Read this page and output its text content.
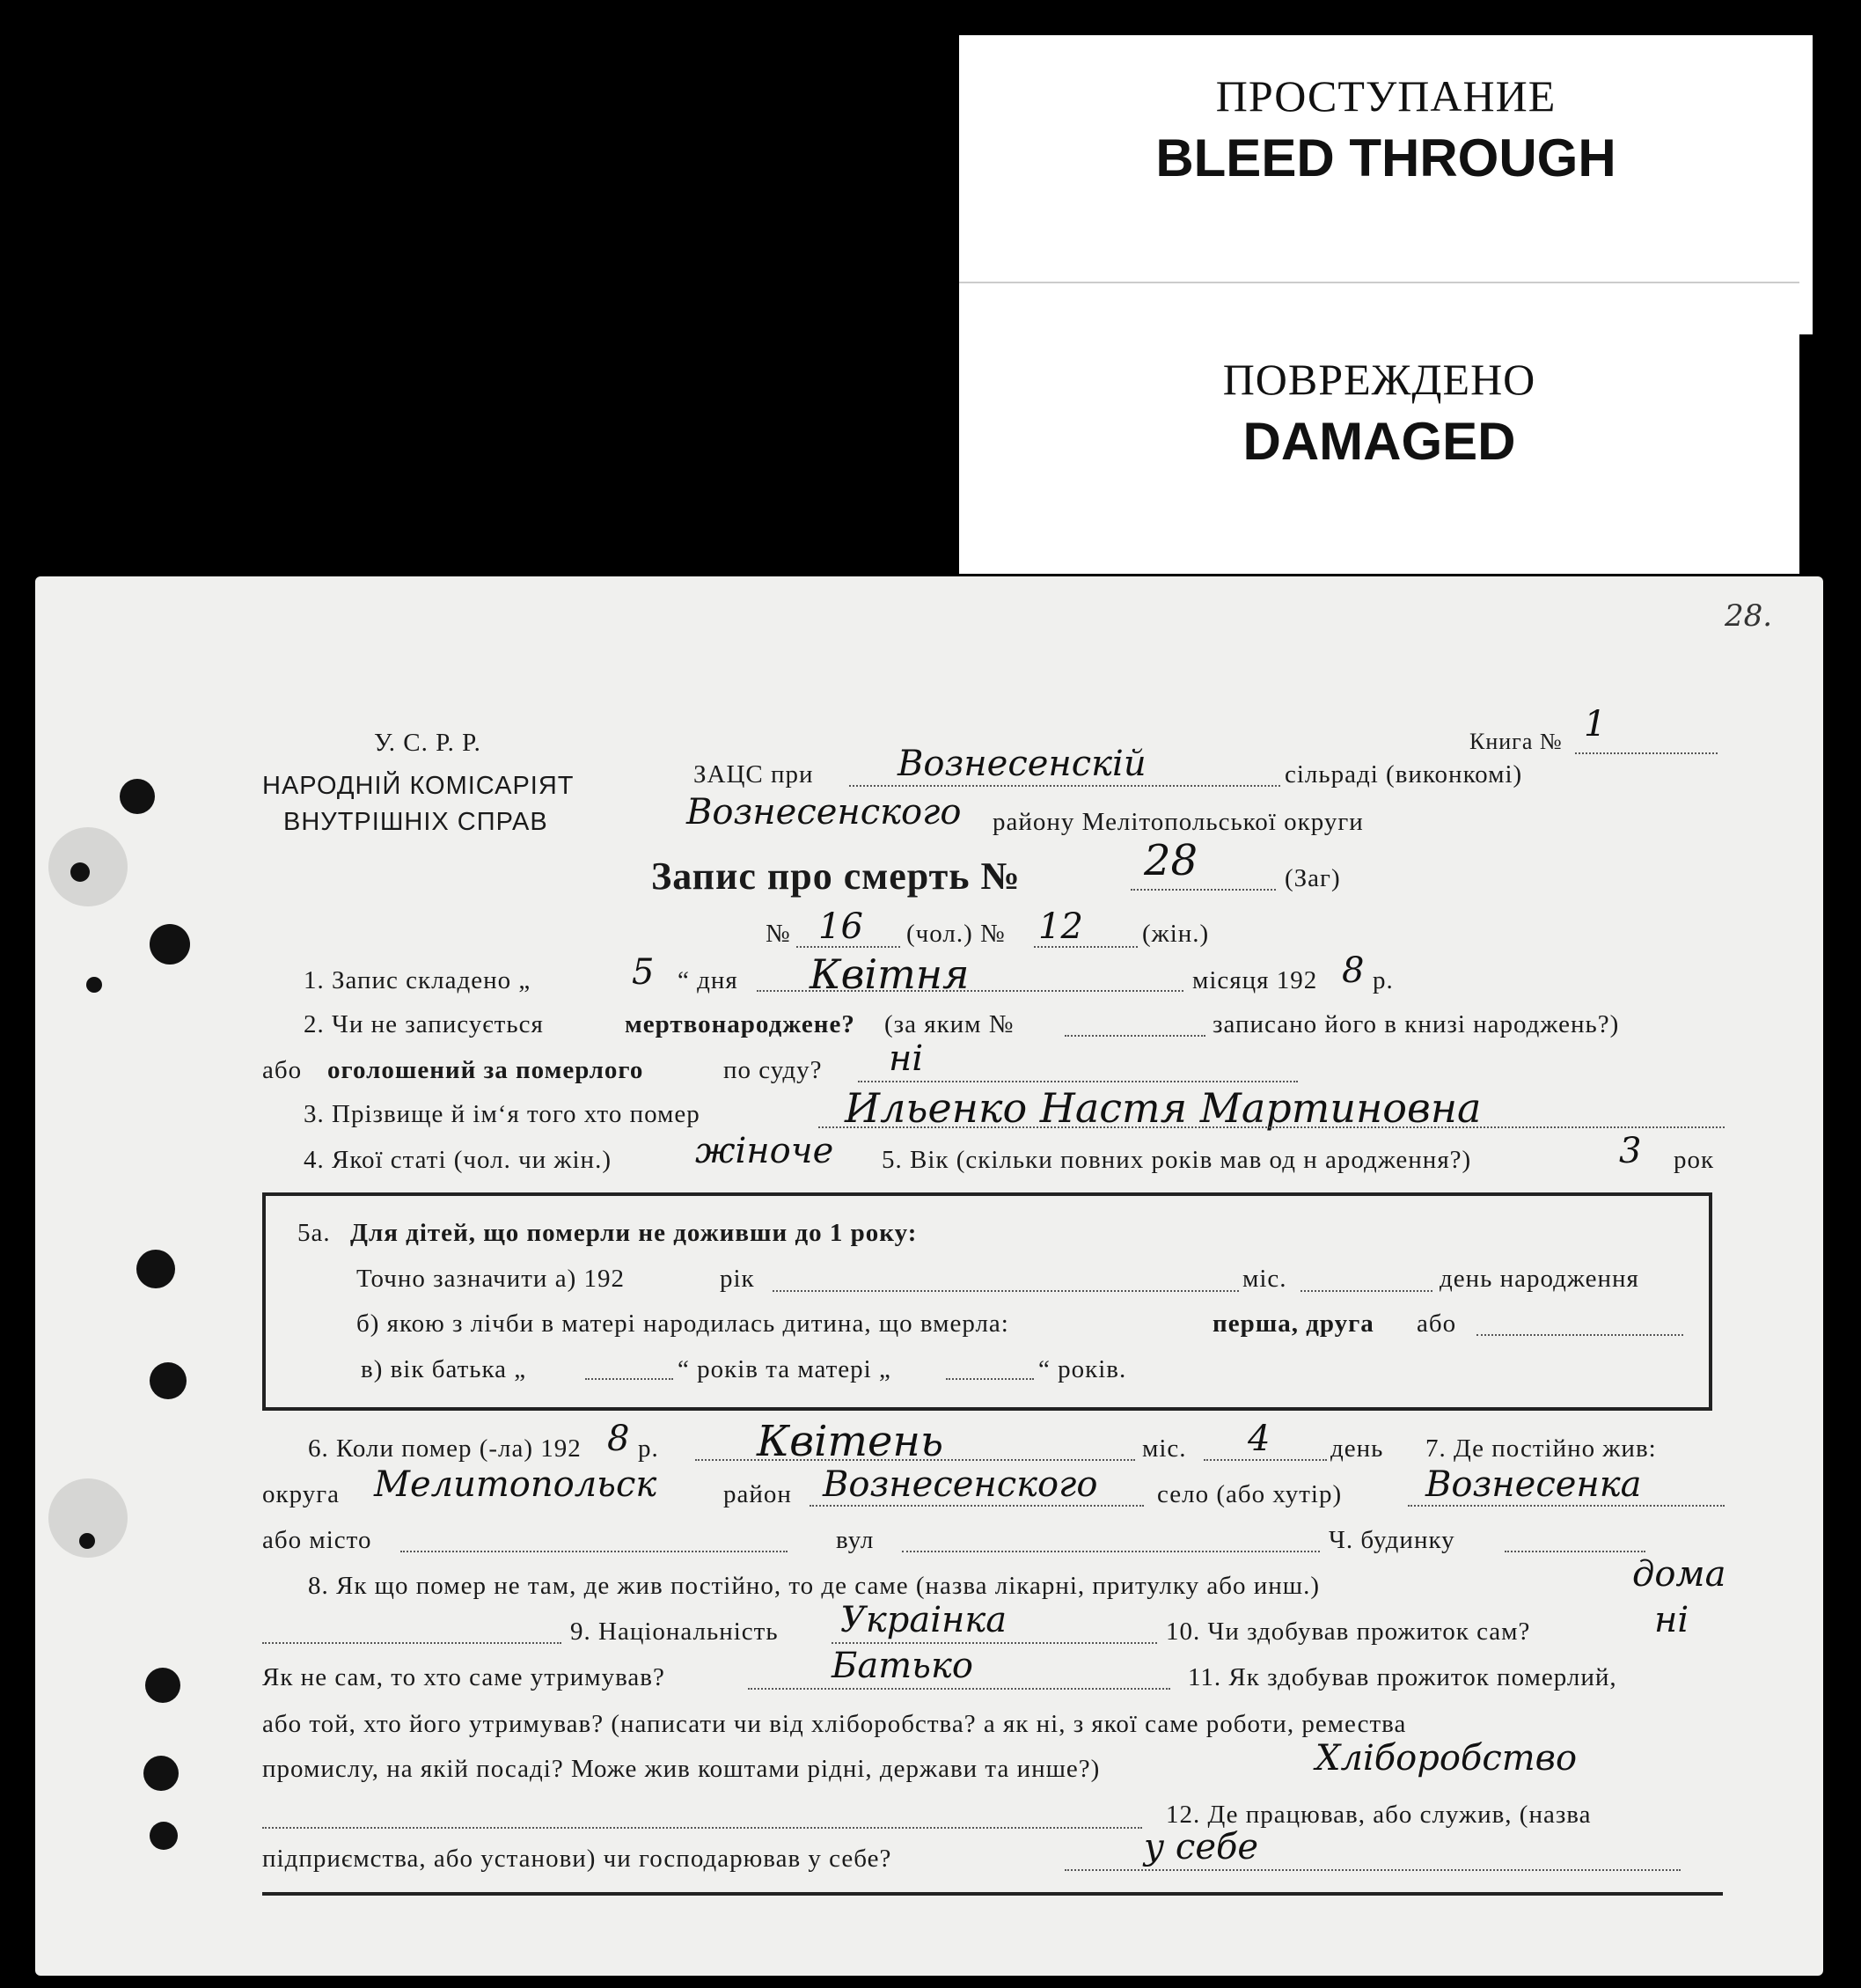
ПРОСТУПАНИЕ
BLEED THROUGH
ПОВРЕЖДЕНО
DAMAGED
28.
У. С. Р. Р.
НАРОДНІЙ КОМІСАРІЯТ
ВНУТРІШНІХ СПРАВ
Книга № 1
ЗАЦС при Вознесенскій	сільраді (виконкомі)
Вознесенского району Мелітопольської округи
Запис про смерть №	28	(Заг)
№ 16 (чол.) № 12 (жін.)
1. Запис складено „	5 “ дня Квітня	місяця 192 8 р.
2. Чи не записується	мертвонароджене? (за яким №	записано його в книзі народжень?)
або оголошений за померлого	по суду? ні
3. Прізвище й ім‘я того хто помер	Ильенко Настя Мартиновна
4. Якої статі (чол. чи жін.) жіноче 5. Вік (скільки повних років мав од н ародження?)	3 рок
5а. Для дітей, що померли не доживши до 1 року:
Точно зазначити а) 192	рік	міс.	день народження
б) якою з лічби в матері народилась дитина, що вмерла:	перша, друга або
в) вік батька „	“ років та матері „	“ років.
6. Коли помер (-ла) 192 8 р. Квітень	міс. 4 день 7. Де постійно жив:
округа Мелитопольск	район Вознесенского село (або хутір) Вознесенка
або місто	вул	Ч. будинку
8. Як що помер не там, де жив постійно, то де саме (назва лікарні, притулку або инш.)	дома
9. Національність Украінка	10. Чи здобував прожиток сам?	ні
Як не сам, то хто саме утримував?	Батько	11. Як здобував прожиток померлий,
або той, хто його утримував? (написати чи від хліборобства? а як ні, з якої саме роботи, ремества
промислу, на якій посаді? Може жив коштами рідні, держави та инше?)	Хліборобство
12. Де працював, або служив, (назва
підприємства, або установи) чи господарював у себе?	у себе
